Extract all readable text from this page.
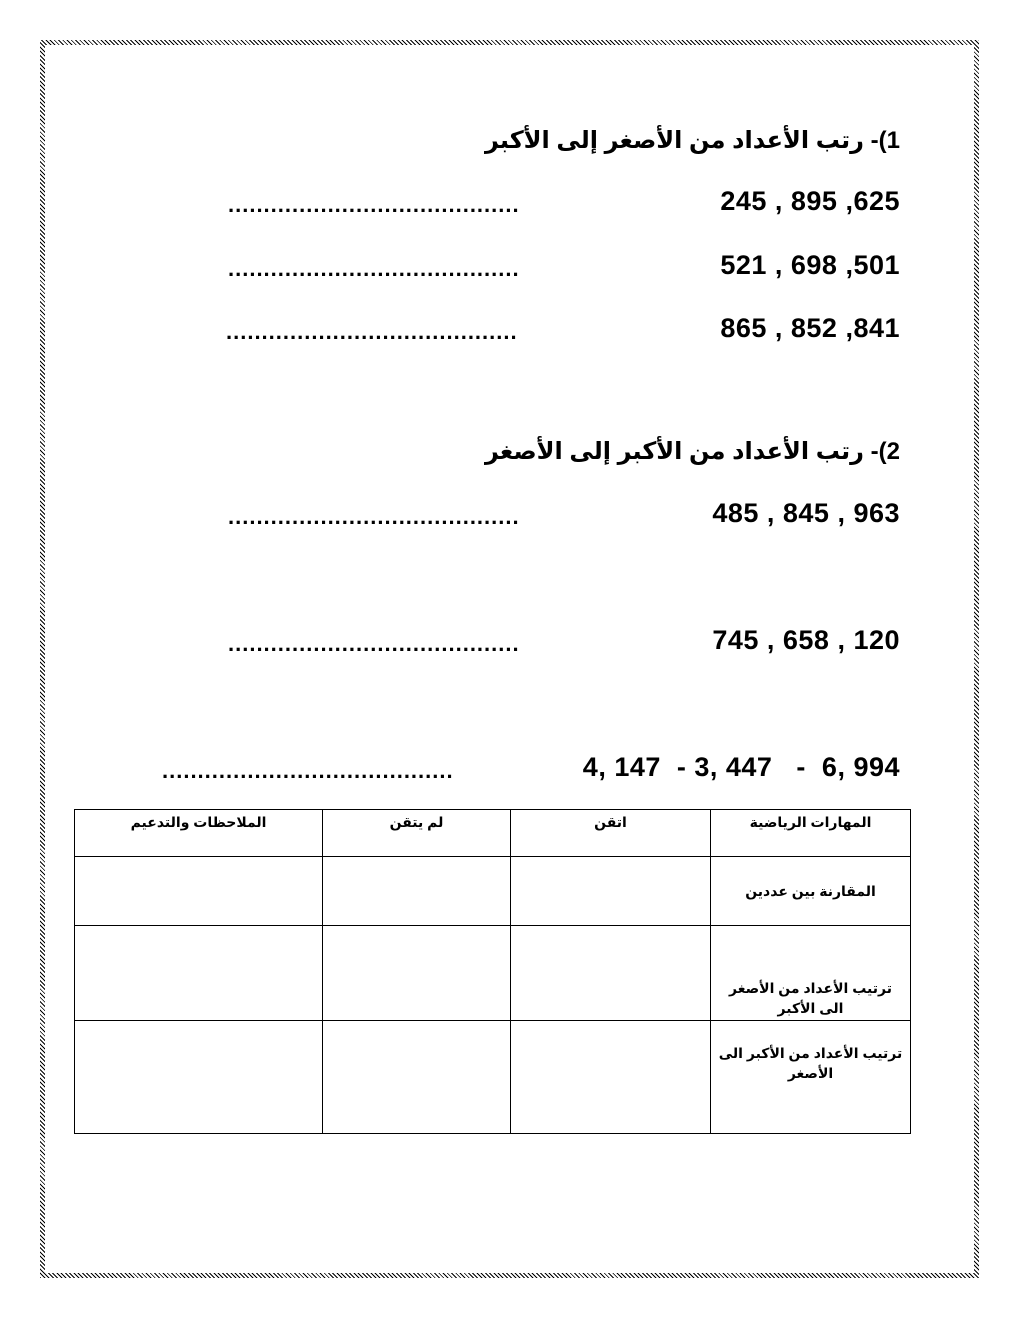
1)- رتب الأعداد من الأصغر إلى الأكبر
245 , 895 ,625
.........................................
521 , 698 ,501
.........................................
865 , 852 ,841
.........................................
2)- رتب الأعداد من الأكبر إلى الأصغر
485 , 845 , 963
.........................................
745 , 658 , 120
.........................................
4, 147  - 3, 447   -  6, 994
.........................................
المهارات الرياضية	اتقن	لم يتقن	الملاحظات والتدعيم
المقارنة بين عددين			
ترتيب الأعداد من الأصغر الى الأكبر			
ترتيب الأعداد من الأكبر الى الأصغر			
